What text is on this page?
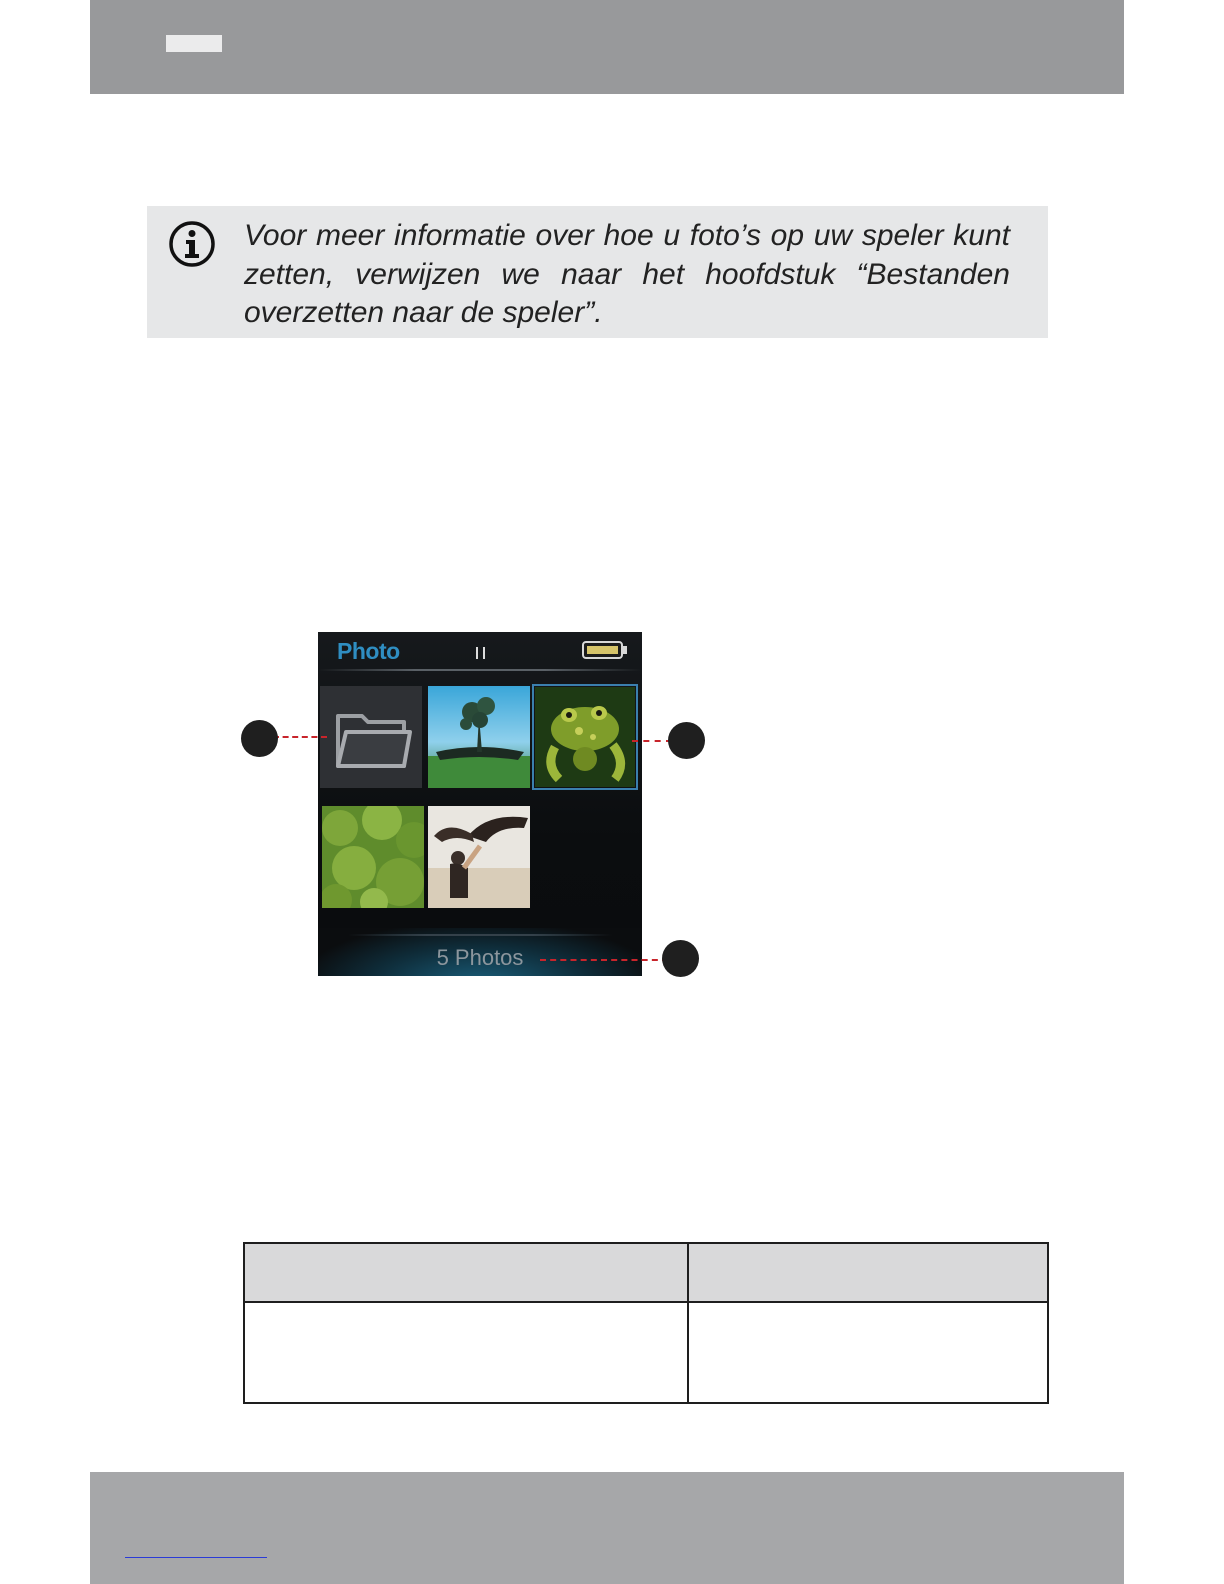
Voor meer informatie over hoe u foto’s op uw speler kunt zetten, verwijzen we naar het hoofdstuk “Bestanden overzetten naar de speler”.

Photo
5 Photos
